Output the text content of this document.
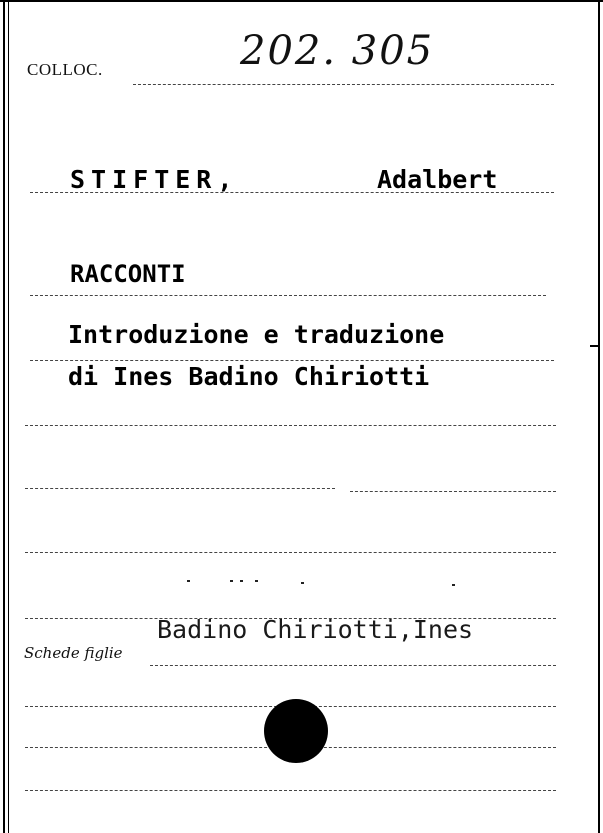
COLLOC.	202. 305
STIFTER,	Adalbert
RACCONTI
Introduzione e traduzione
di Ines Badino Chiriotti
Badino Chiriotti,Ines
Schede figlie
